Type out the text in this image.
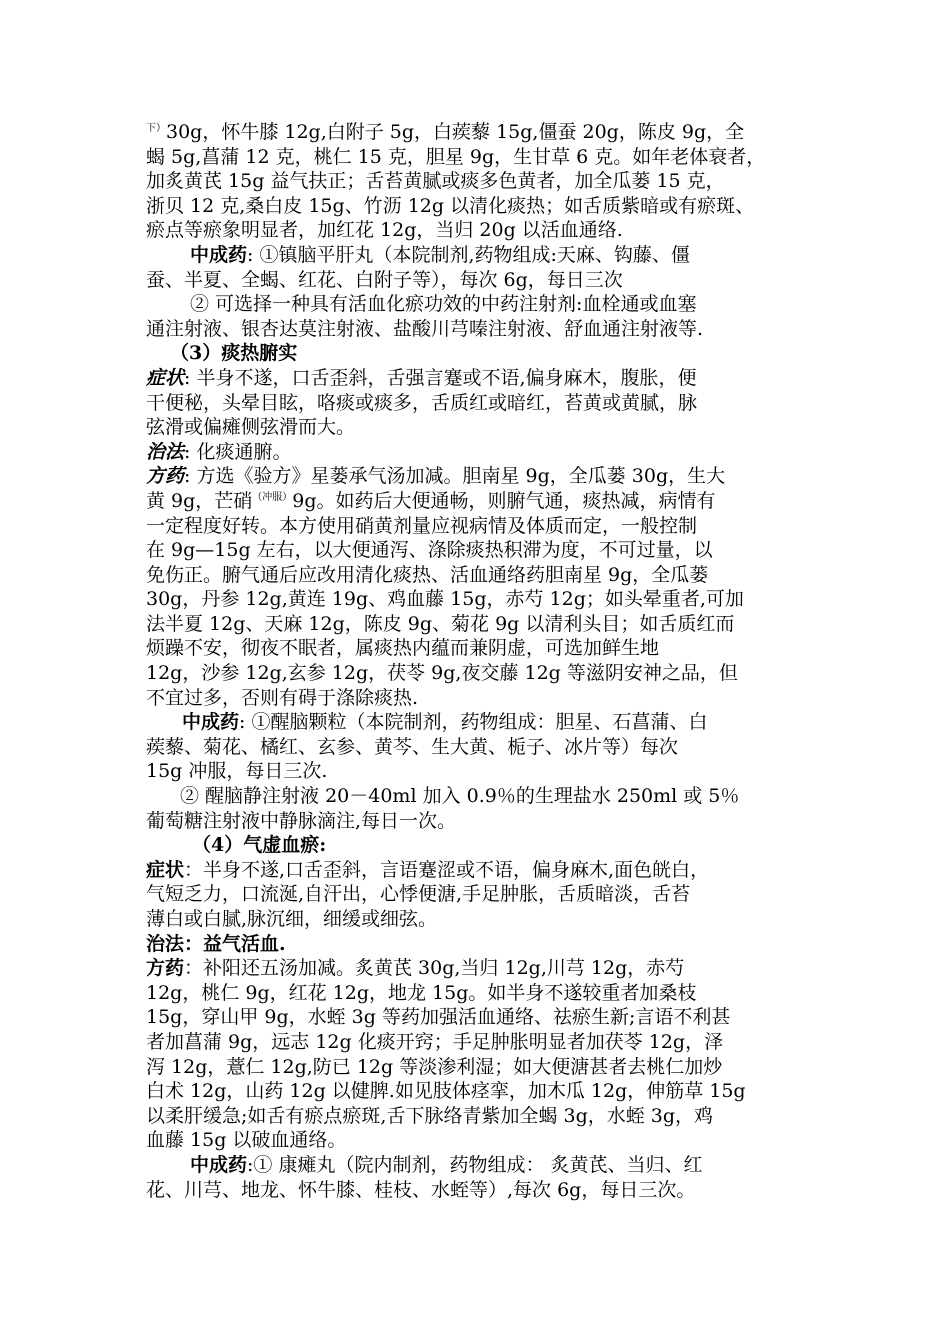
$^{下)}$30g，怀牛膝 12g,白附子 5g，白蒺藜 15g,僵蚕 20g，陈皮 9g，全
蝎 5g,菖蒲 12 克，桃仁 15 克，胆星 9g，生甘草 6 克。如年老体衰者，
加炙黄芪 15g 益气扶正；舌苔黄腻或痰多色黄者，加全瓜蒌 15 克，
浙贝 12 克,桑白皮 15g、竹沥 12g 以清化痰热；如舌质紫暗或有瘀斑、
瘀点等瘀象明显者，加红花 12g，当归 20g 以活血通络.
中成药: ①镇脑平肝丸（本院制剂,药物组成:天麻、钩藤、僵
蚕、半夏、全蝎、红花、白附子等），每次 6g，每日三次
② 可选择一种具有活血化瘀功效的中药注射剂:血栓通或血塞
通注射液、银杏达莫注射液、盐酸川芎嗪注射液、舒血通注射液等.
（3）痰热腑实
症状: 半身不遂，口舌歪斜，舌强言蹇或不语,偏身麻木，腹胀，便
干便秘，头晕目眩，咯痰或痰多，舌质红或暗红，苔黄或黄腻，脉
弦滑或偏瘫侧弦滑而大。
治法: 化痰通腑。
方药: 方选《验方》星蒌承气汤加减。胆南星 9g，全瓜蒌 30g，生大
黄 9g，芒硝$^{(冲服)}$9g。如药后大便通畅，则腑气通，痰热减，病情有
一定程度好转。本方使用硝黄剂量应视病情及体质而定，一般控制
在 9g—15g 左右，以大便通泻、涤除痰热积滞为度，不可过量，以
免伤正。腑气通后应改用清化痰热、活血通络药胆南星 9g，全瓜蒌
30g，丹参 12g,黄连 19g、鸡血藤 15g，赤芍 12g；如头晕重者,可加
法半夏 12g、天麻 12g，陈皮 9g、菊花 9g 以清利头目；如舌质红而
烦躁不安，彻夜不眠者，属痰热内蕴而兼阴虚，可选加鲜生地
12g，沙参 12g,玄参 12g，茯苓 9g,夜交藤 12g 等滋阴安神之品，但
不宜过多，否则有碍于涤除痰热.
中成药: ①醒脑颗粒（本院制剂，药物组成：胆星、石菖蒲、白
蒺藜、菊花、橘红、玄参、黄芩、生大黄、栀子、冰片等）每次
15g 冲服，每日三次.
② 醒脑静注射液 20－40ml 加入 0.9％的生理盐水 250ml 或 5％
葡萄糖注射液中静脉滴注,每日一次。
（4）气虚血瘀:
症状：半身不遂,口舌歪斜，言语蹇涩或不语，偏身麻木,面色㿠白，
气短乏力，口流涎,自汗出，心悸便溏,手足肿胀，舌质暗淡，舌苔
薄白或白腻,脉沉细，细缓或细弦。
治法：益气活血.
方药：补阳还五汤加减。炙黄芪 30g,当归 12g,川芎 12g，赤芍
12g，桃仁 9g，红花 12g，地龙 15g。如半身不遂较重者加桑枝
15g，穿山甲 9g，水蛭 3g 等药加强活血通络、祛瘀生新;言语不利甚
者加菖蒲 9g，远志 12g 化痰开窍；手足肿胀明显者加茯苓 12g，泽
泻 12g，薏仁 12g,防已 12g 等淡渗利湿；如大便溏甚者去桃仁加炒
白术 12g，山药 12g 以健脾.如见肢体痉挛，加木瓜 12g，伸筋草 15g
以柔肝缓急;如舌有瘀点瘀斑,舌下脉络青紫加全蝎 3g，水蛭 3g，鸡
血藤 15g 以破血通络。
中成药:① 康瘫丸（院内制剂，药物组成： 炙黄芪、当归、红
花、川芎、地龙、怀牛膝、桂枝、水蛭等）,每次 6g，每日三次。
